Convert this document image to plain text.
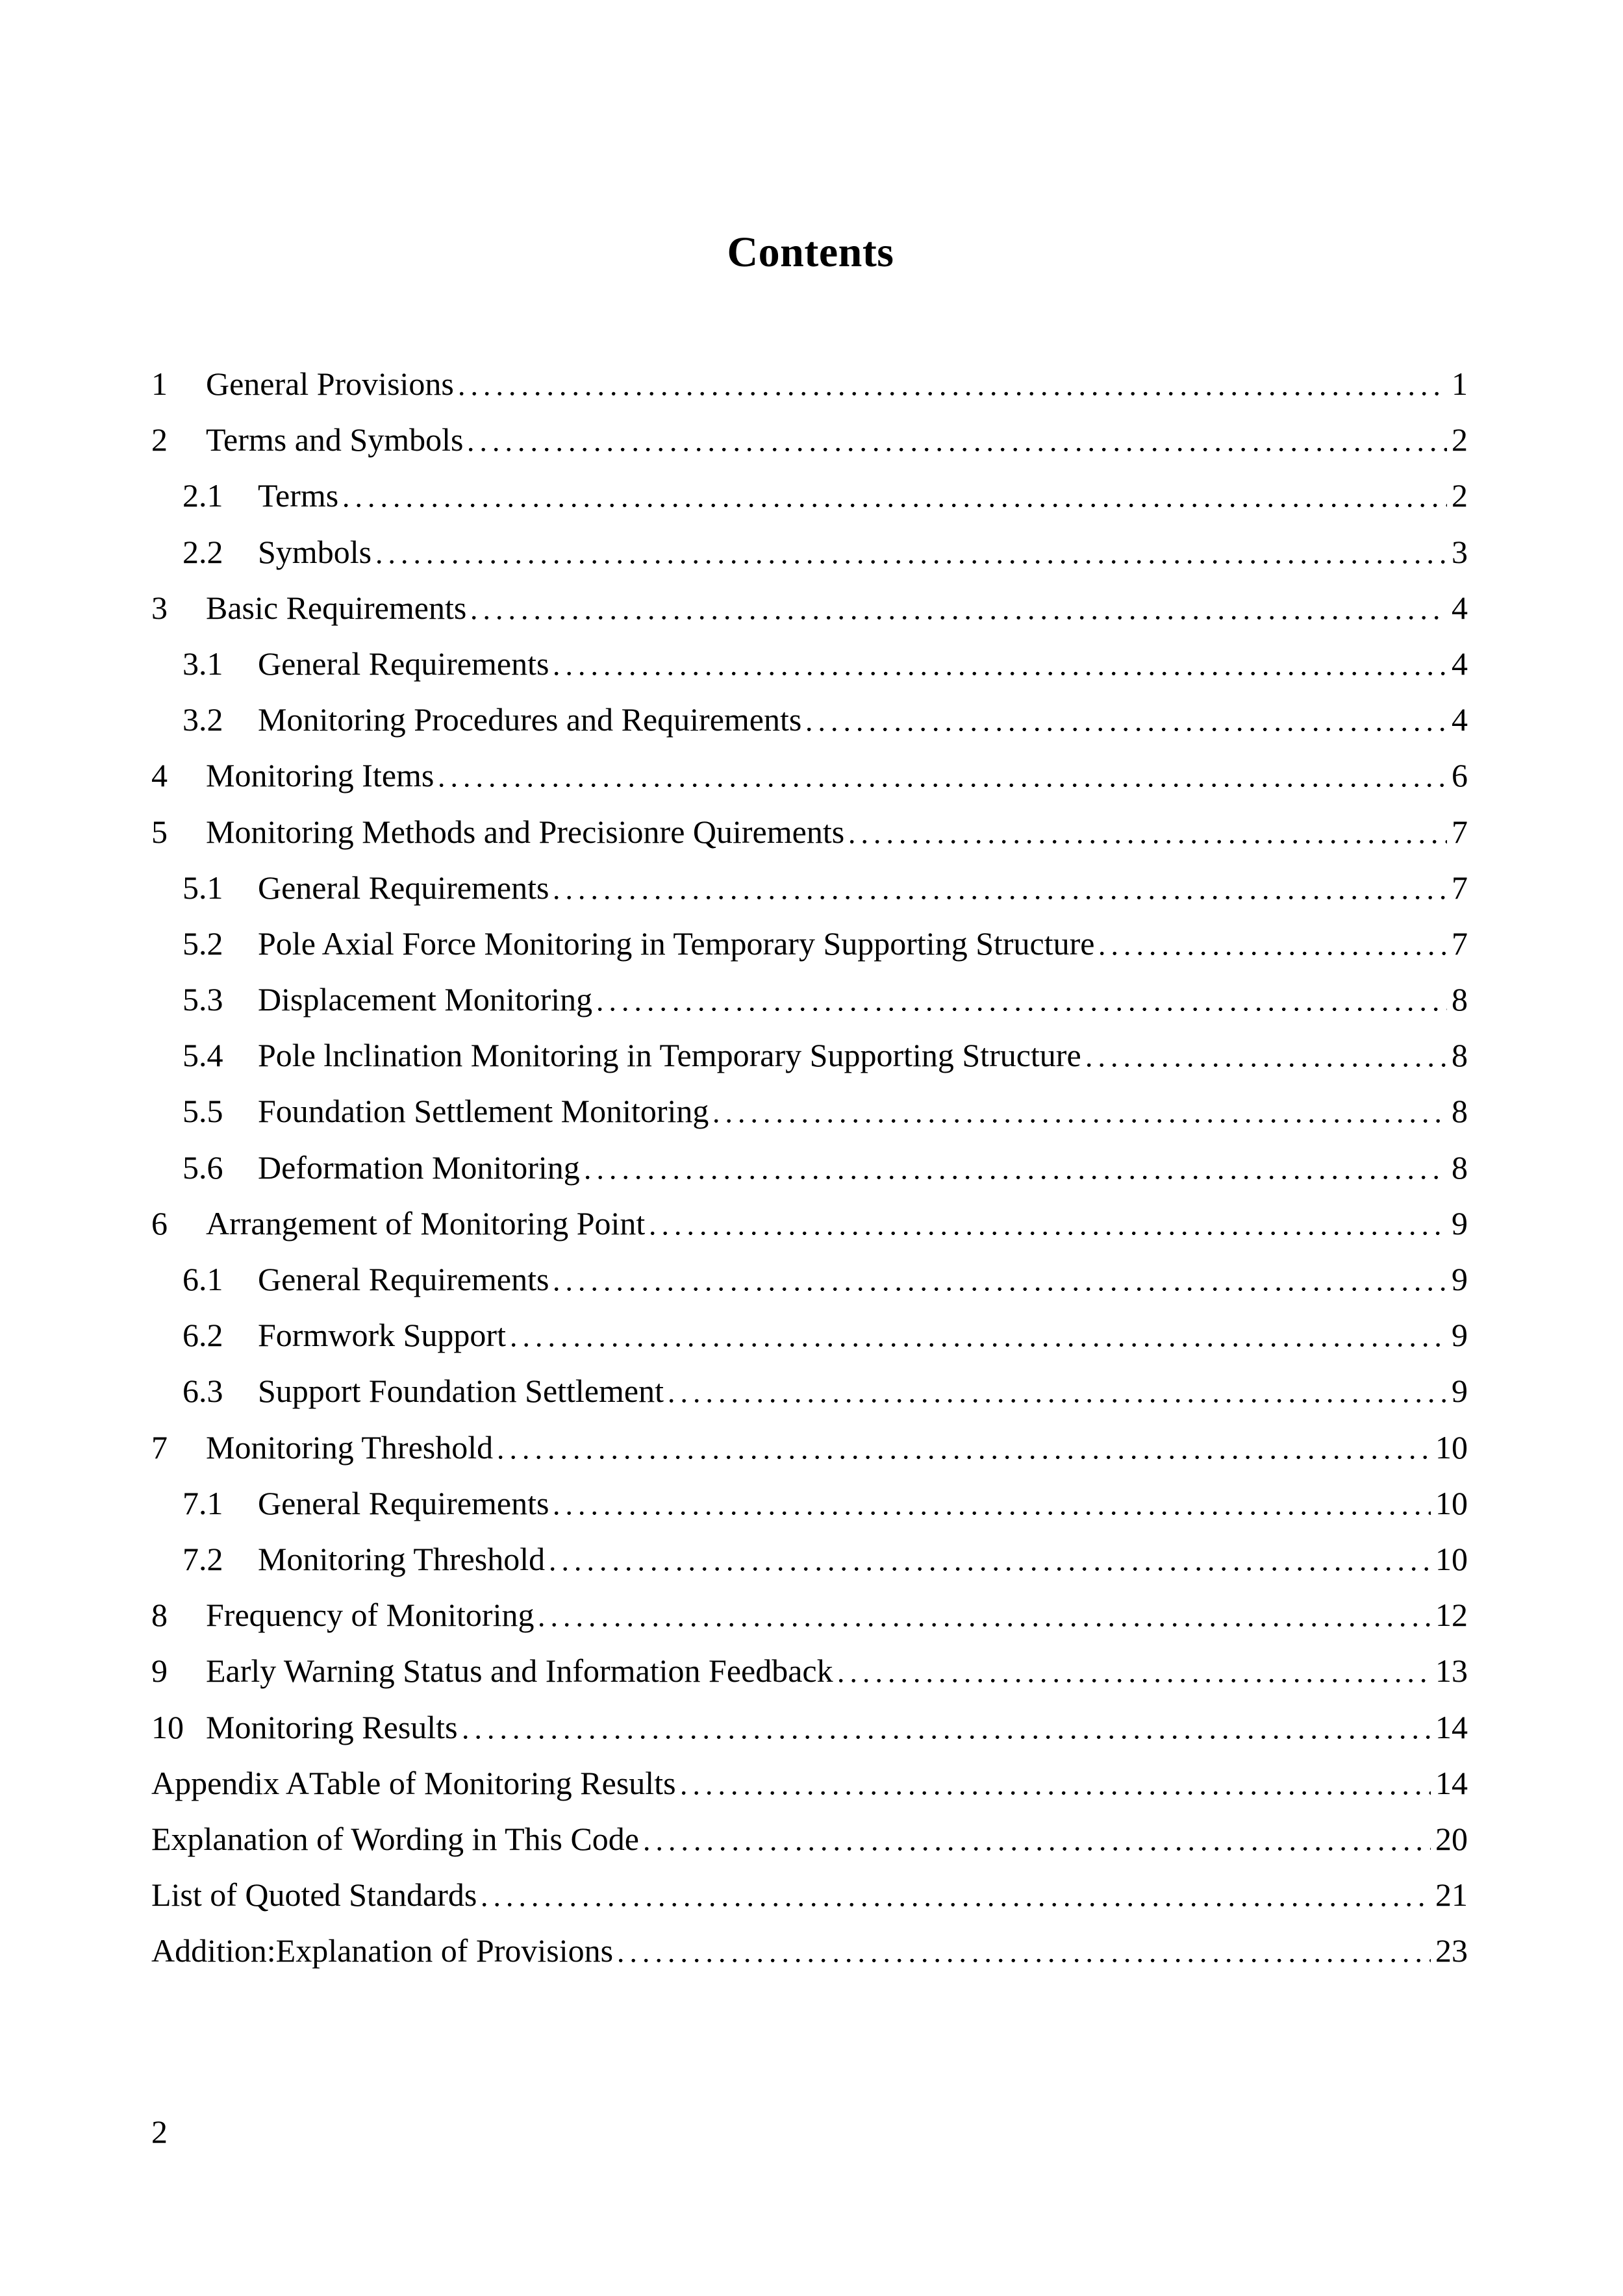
Contents
1	General Provisions	1
2	Terms and Symbols	2
2.1	Terms	2
2.2	Symbols	3
3	Basic Requirements	4
3.1	General Requirements	4
3.2	Monitoring Procedures and Requirements	4
4	Monitoring Items	6
5	Monitoring Methods and Precisionre Quirements	7
5.1	General Requirements	7
5.2	Pole Axial Force Monitoring in Temporary Supporting Structure	7
5.3	Displacement Monitoring	8
5.4	Pole lnclination Monitoring in Temporary Supporting Structure	8
5.5	Foundation Settlement Monitoring	8
5.6	Deformation Monitoring	8
6	Arrangement of Monitoring Point	9
6.1	General Requirements	9
6.2	Formwork Support	9
6.3	Support Foundation Settlement	9
7	Monitoring Threshold	10
7.1	General Requirements	10
7.2	Monitoring Threshold	10
8	Frequency of Monitoring	12
9	Early Warning Status and Information Feedback	13
10 Monitoring Results	14
Appendix A Table of Monitoring Results	14
Explanation of Wording in This Code	20
List of Quoted Standards	21
Addition:Explanation of Provisions	23
2
